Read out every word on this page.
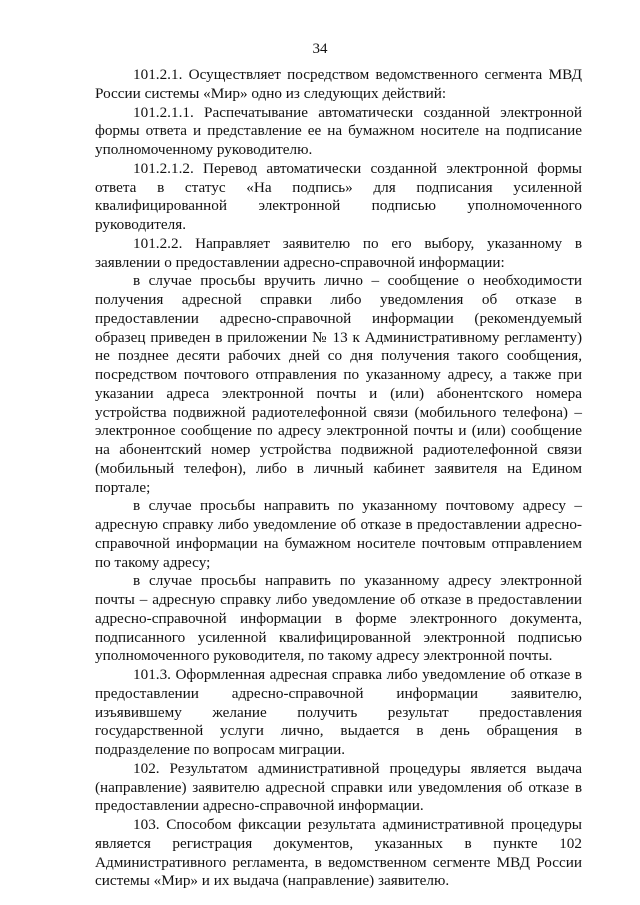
34

101.2.1. Осуществляет посредством ведомственного сегмента МВД России системы «Мир» одно из следующих действий:

101.2.1.1. Распечатывание автоматически созданной электронной формы ответа и представление ее на бумажном носителе на подписание уполномоченному руководителю.

101.2.1.2. Перевод автоматически созданной электронной формы ответа в статус «На подпись» для подписания усиленной квалифицированной электронной подписью уполномоченного руководителя.

101.2.2. Направляет заявителю по его выбору, указанному в заявлении о предоставлении адресно-справочной информации:

в случае просьбы вручить лично – сообщение о необходимости получения адресной справки либо уведомления об отказе в предоставлении адресно-справочной информации (рекомендуемый образец приведен в приложении № 13 к Административному регламенту) не позднее десяти рабочих дней со дня получения такого сообщения, посредством почтового отправления по указанному адресу, а также при указании адреса электронной почты и (или) абонентского номера устройства подвижной радиотелефонной связи (мобильного телефона) – электронное сообщение по адресу электронной почты и (или) сообщение на абонентский номер устройства подвижной радиотелефонной связи (мобильный телефон), либо в личный кабинет заявителя на Едином портале;

в случае просьбы направить по указанному почтовому адресу – адресную справку либо уведомление об отказе в предоставлении адресно-справочной информации на бумажном носителе почтовым отправлением по такому адресу;

в случае просьбы направить по указанному адресу электронной почты – адресную справку либо уведомление об отказе в предоставлении адресно-справочной информации в форме электронного документа, подписанного усиленной квалифицированной электронной подписью уполномоченного руководителя, по такому адресу электронной почты.

101.3. Оформленная адресная справка либо уведомление об отказе в предоставлении адресно-справочной информации заявителю, изъявившему желание получить результат предоставления государственной услуги лично, выдается в день обращения в подразделение по вопросам миграции.

102. Результатом административной процедуры является выдача (направление) заявителю адресной справки или уведомления об отказе в предоставлении адресно-справочной информации.

103. Способом фиксации результата административной процедуры является регистрация документов, указанных в пункте 102 Административного регламента, в ведомственном сегменте МВД России системы «Мир» и их выдача (направление) заявителю.
